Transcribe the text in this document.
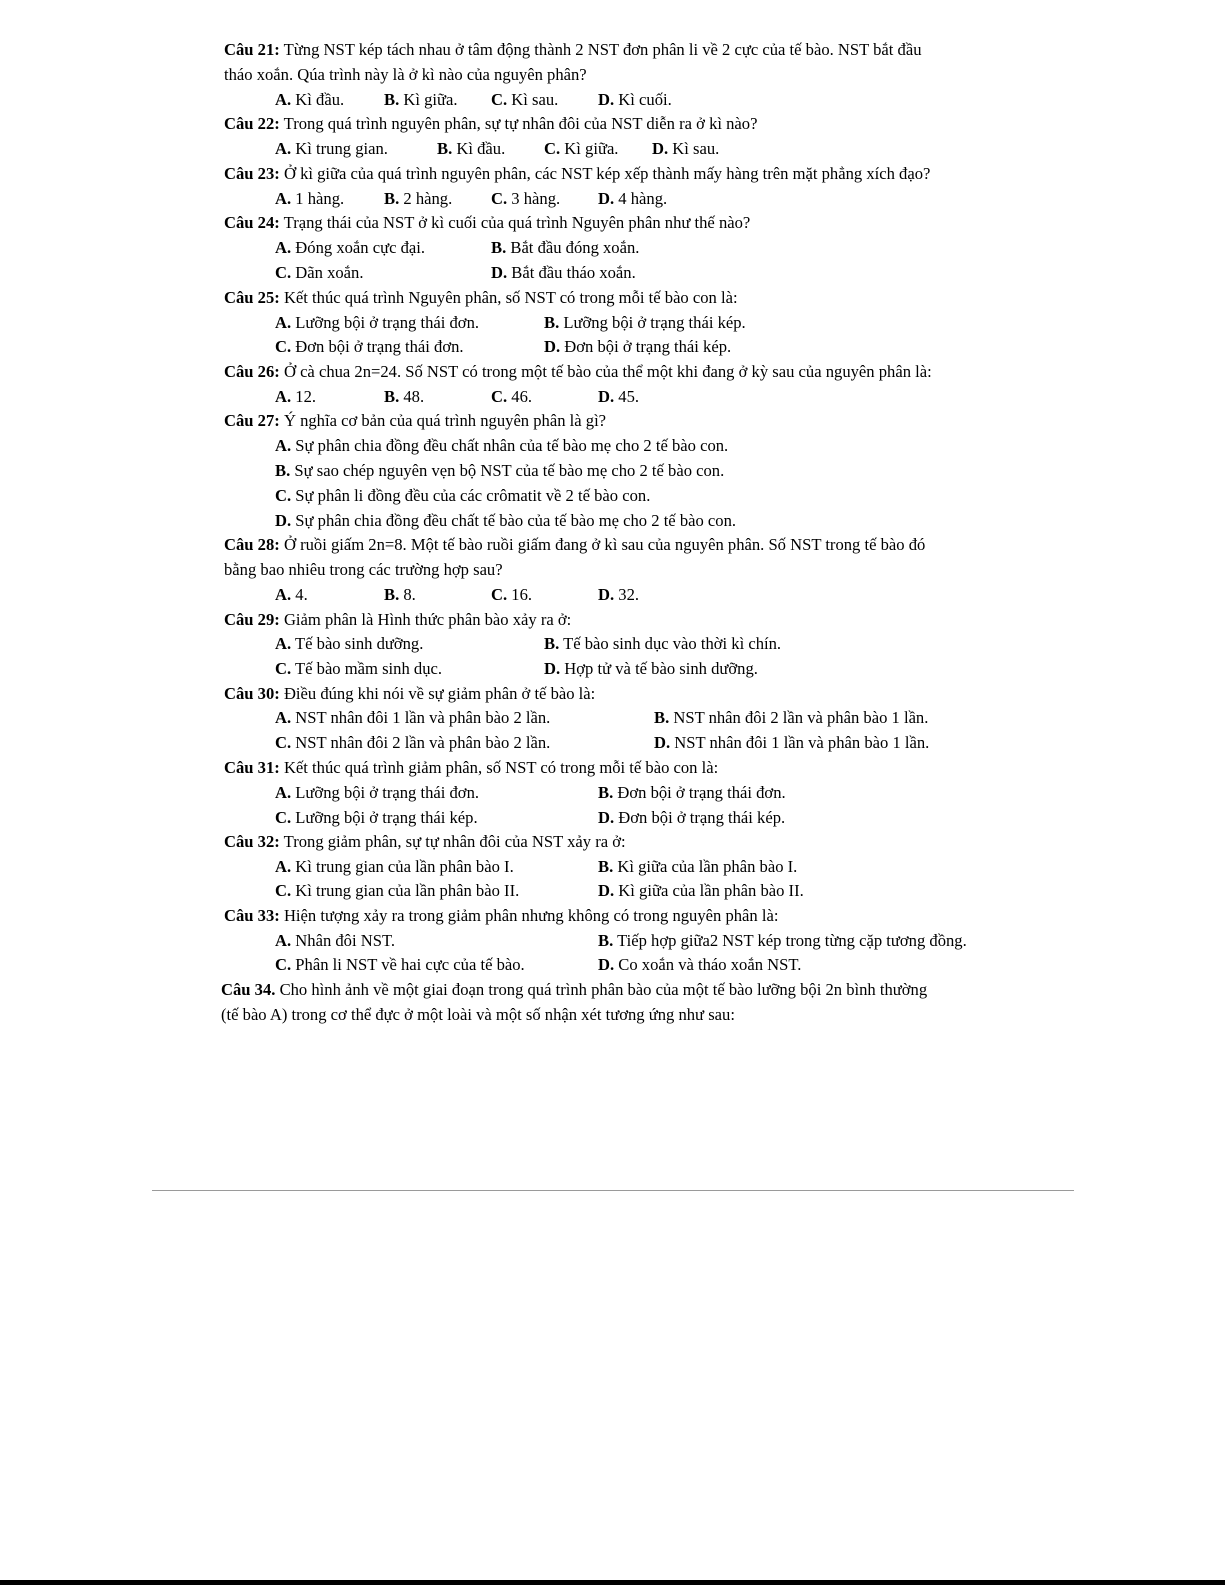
Câu 21: Từng NST kép tách nhau ở tâm động thành 2 NST đơn phân li về 2 cực của tế bào. NST bắt đầu
tháo xoắn. Qúa trình này là ở kì nào của nguyên phân?
A. Kì đầu. B. Kì giữa. C. Kì sau. D. Kì cuối.
Câu 22: Trong quá trình nguyên phân, sự tự nhân đôi của NST diễn ra ở kì nào?
A. Kì trung gian.	B. Kì đầu. C. Kì giữa. D. Kì sau.
Câu 23: Ở kì giữa của quá trình nguyên phân, các NST kép xếp thành mấy hàng trên mặt phẳng xích đạo?
A. 1 hàng. B. 2 hàng. C. 3 hàng. D. 4 hàng.
Câu 24: Trạng thái của NST ở kì cuối của quá trình Nguyên phân như thế nào?
A. Đóng xoắn cực đại.	B. Bắt đầu đóng xoắn.
C. Dãn xoắn.	D. Bắt đầu tháo xoắn.
Câu 25: Kết thúc quá trình Nguyên phân, số NST có trong mỗi tế bào con là:
A. Lưỡng bội ở trạng thái đơn.	B. Lưỡng bội ở trạng thái kép.
C. Đơn bội ở trạng thái đơn.	D. Đơn bội ở trạng thái kép.
Câu 26: Ở cà chua 2n=24. Số NST có trong một tế bào của thể một khi đang ở kỳ sau của nguyên phân là:
A. 12.	B. 48.	C. 46.	D. 45.
Câu 27: Ý nghĩa cơ bản của quá trình nguyên phân là gì?
A. Sự phân chia đồng đều chất nhân của tế bào mẹ cho 2 tế bào con.
B. Sự sao chép nguyên vẹn bộ NST của tế bào mẹ cho 2 tế bào con.
C. Sự phân li đồng đều của các crômatit về 2 tế bào con.
D. Sự phân chia đồng đều chất tế bào của tế bào mẹ cho 2 tế bào con.
Câu 28: Ở ruồi giấm 2n=8. Một tế bào ruồi giấm đang ở kì sau của nguyên phân. Số NST trong tế bào đó
bằng bao nhiêu trong các trường hợp sau?
A. 4.	B. 8.	C. 16.	D. 32.
Câu 29: Giảm phân là Hình thức phân bào xảy ra ở:
A. Tế bào sinh dưỡng.	B. Tế bào sinh dục vào thời kì chín.
C. Tế bào mầm sinh dục.	D. Hợp tử và tế bào sinh dưỡng.
Câu 30: Điều đúng khi nói về sự giảm phân ở tế bào là:
A. NST nhân đôi 1 lần và phân bào 2 lần.	B. NST nhân đôi 2 lần và phân bào 1 lần.
C. NST nhân đôi 2 lần và phân bào 2 lần.	D. NST nhân đôi 1 lần và phân bào 1 lần.
Câu 31: Kết thúc quá trình giảm phân, số NST có trong mỗi tế bào con là:
A. Lưỡng bội ở trạng thái đơn.	B. Đơn bội ở trạng thái đơn.
C. Lưỡng bội ở trạng thái kép.	D. Đơn bội ở trạng thái kép.
Câu 32: Trong giảm phân, sự tự nhân đôi của NST xảy ra ở:
A. Kì trung gian của lần phân bào I.	B. Kì giữa của lần phân bào I.
C. Kì trung gian của lần phân bào II.	D. Kì giữa của lần phân bào II.
Câu 33: Hiện tượng xảy ra trong giảm phân nhưng không có trong nguyên phân là:
A. Nhân đôi NST.	B. Tiếp hợp giữa2 NST kép trong từng cặp tương đồng.
C. Phân li NST về hai cực của tế bào.	D. Co xoắn và tháo xoắn NST.
Câu 34. Cho hình ảnh về một giai đoạn trong quá trình phân bào của một tế bào lưỡng bội 2n bình thường
(tế bào A) trong cơ thể đực ở một loài và một số nhận xét tương ứng như sau:
